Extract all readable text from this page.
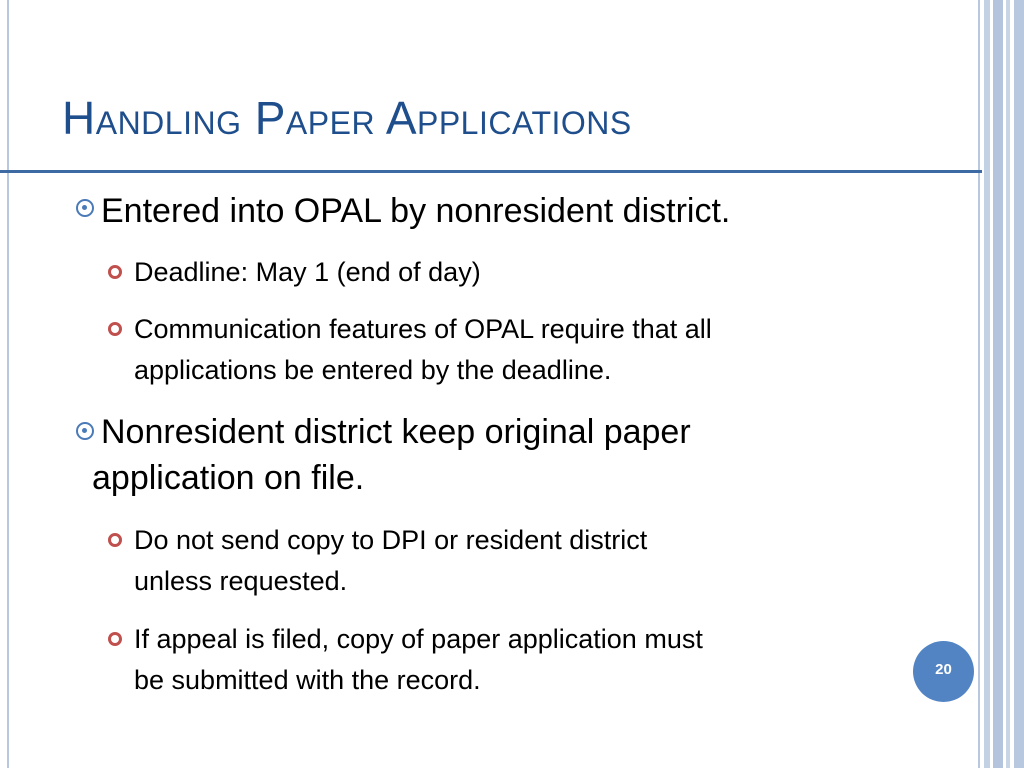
Handling Paper Applications
Entered into OPAL by nonresident district.
Deadline: May 1 (end of day)
Communication features of OPAL require that all
applications be entered by the deadline.
Nonresident district keep original paper
application on file.
Do not send copy to DPI or resident district
unless requested.
If appeal is filed, copy of paper application must
be submitted with the record.	20
